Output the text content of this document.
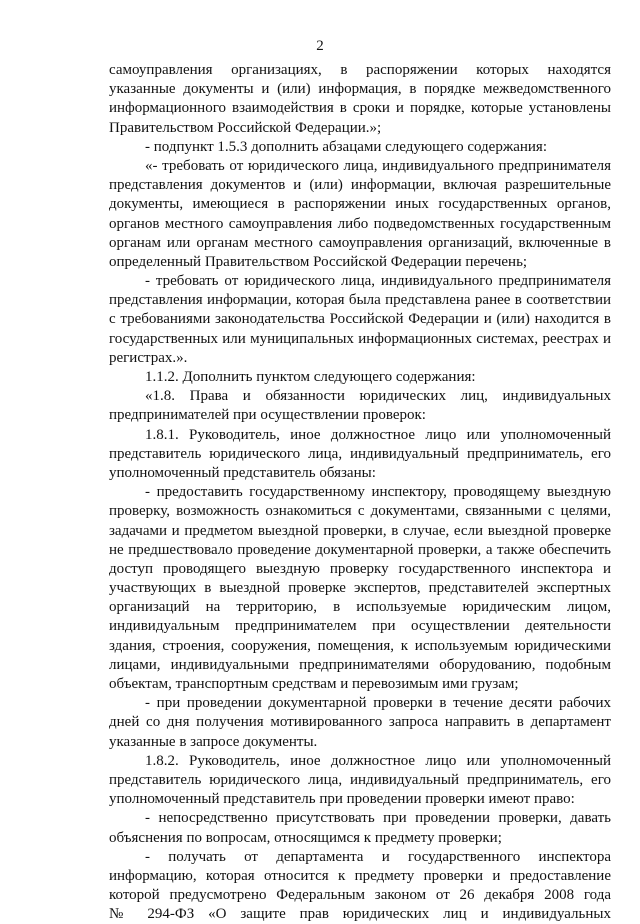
2
самоуправления организациях, в распоряжении которых находятся
указанные документы и (или) информация, в порядке межведомственного
информационного взаимодействия в сроки и порядке, которые установлены
Правительством Российской Федерации.»;
- подпункт 1.5.3 дополнить абзацами следующего содержания:
«- требовать от юридического лица, индивидуального предпринимателя
представления документов и (или) информации, включая разрешительные
документы, имеющиеся в распоряжении иных государственных органов,
органов местного самоуправления либо подведомственных государственным
органам или органам местного самоуправления организаций, включенные в
определенный Правительством Российской Федерации перечень;
- требовать от юридического лица, индивидуального предпринимателя
представления информации, которая была представлена ранее в соответствии
с требованиями законодательства Российской Федерации и (или) находится в
государственных или муниципальных информационных системах, реестрах и
регистрах.».
1.1.2. Дополнить пунктом следующего содержания:
«1.8. Права и обязанности юридических лиц, индивидуальных
предпринимателей при осуществлении проверок:
1.8.1. Руководитель, иное должностное лицо или уполномоченный
представитель юридического лица, индивидуальный предприниматель, его
уполномоченный представитель обязаны:
- предоставить государственному инспектору, проводящему выездную
проверку, возможность ознакомиться с документами, связанными с целями,
задачами и предметом выездной проверки, в случае, если выездной проверке
не предшествовало проведение документарной проверки, а также обеспечить
доступ проводящего выездную проверку государственного инспектора и
участвующих в выездной проверке экспертов, представителей экспертных
организаций на территорию, в используемые юридическим лицом,
индивидуальным предпринимателем при осуществлении деятельности
здания, строения, сооружения, помещения, к используемым юридическими
лицами, индивидуальными предпринимателями оборудованию, подобным
объектам, транспортным средствам и перевозимым ими грузам;
- при проведении документарной проверки в течение десяти рабочих
дней со дня получения мотивированного запроса направить в департамент
указанные в запросе документы.
1.8.2. Руководитель, иное должностное лицо или уполномоченный
представитель юридического лица, индивидуальный предприниматель, его
уполномоченный представитель при проведении проверки имеют право:
- непосредственно присутствовать при проведении проверки, давать
объяснения по вопросам, относящимся к предмету проверки;
- получать от департамента и государственного инспектора
информацию, которая относится к предмету проверки и предоставление
которой предусмотрено Федеральным законом от 26 декабря 2008 года
№ 294-ФЗ «О защите прав юридических лиц и индивидуальных
